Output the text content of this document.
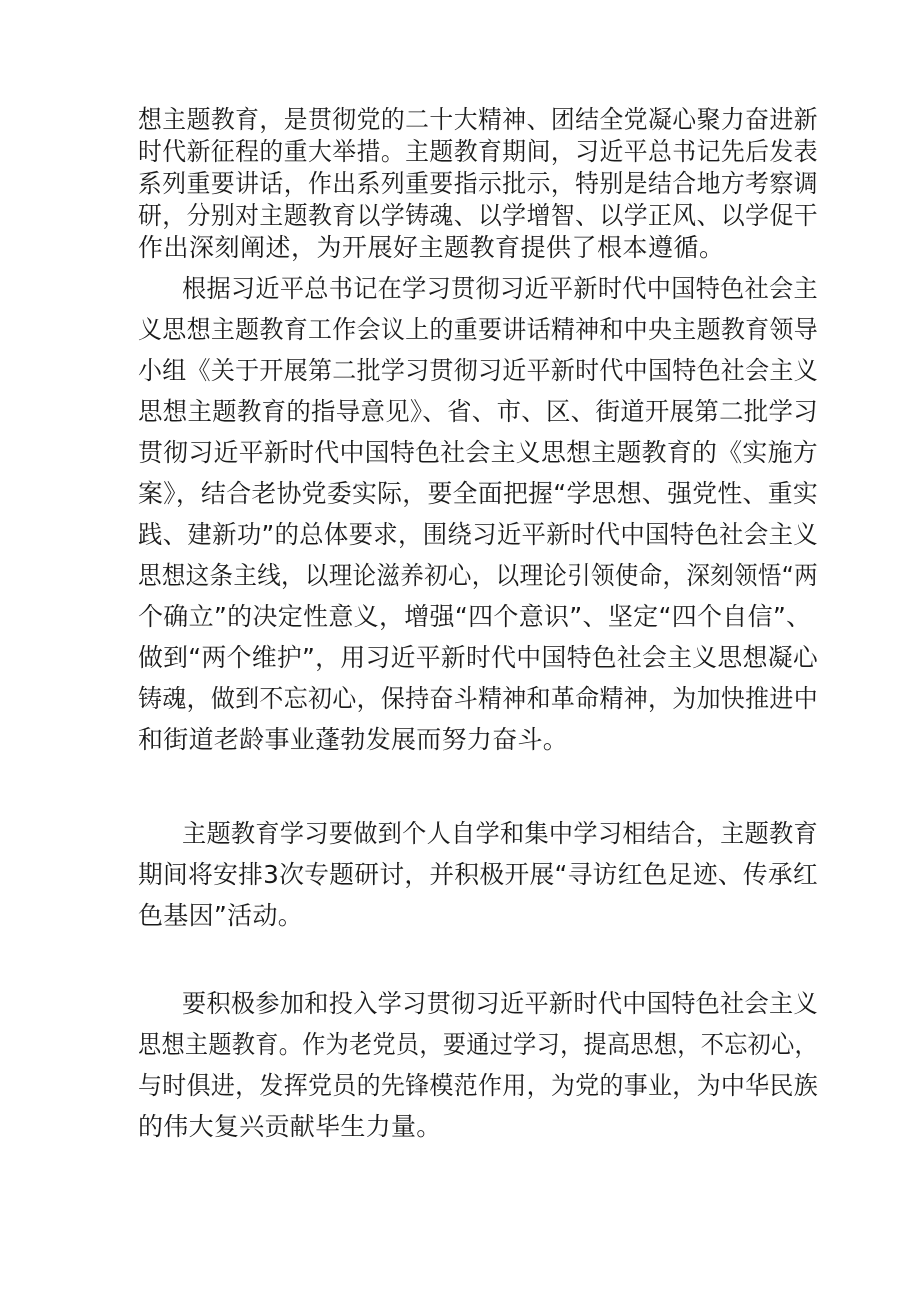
想主题教育，是贯彻党的二十大精神、团结全党凝心聚力奋进新
时代新征程的重大举措。主题教育期间，习近平总书记先后发表
系列重要讲话，作出系列重要指示批示，特别是结合地方考察调
研，分别对主题教育以学铸魂、以学增智、以学正风、以学促干
作出深刻阐述，为开展好主题教育提供了根本遵循。
根据习近平总书记在学习贯彻习近平新时代中国特色社会主
义思想主题教育工作会议上的重要讲话精神和中央主题教育领导
小组《关于开展第二批学习贯彻习近平新时代中国特色社会主义
思想主题教育的指导意见》、省、市、区、街道开展第二批学习
贯彻习近平新时代中国特色社会主义思想主题教育的《实施方
案》，结合老协党委实际，要全面把握“学思想、强党性、重实
践、建新功”的总体要求，围绕习近平新时代中国特色社会主义
思想这条主线，以理论滋养初心，以理论引领使命，深刻领悟“两
个确立”的决定性意义，增强“四个意识”、坚定“四个自信”、
做到“两个维护”，用习近平新时代中国特色社会主义思想凝心
铸魂，做到不忘初心，保持奋斗精神和革命精神，为加快推进中
和街道老龄事业蓬勃发展而努力奋斗。
主题教育学习要做到个人自学和集中学习相结合，主题教育
期间将安排3次专题研讨，并积极开展“寻访红色足迹、传承红
色基因”活动。
要积极参加和投入学习贯彻习近平新时代中国特色社会主义
思想主题教育。作为老党员，要通过学习，提高思想，不忘初心，
与时俱进，发挥党员的先锋模范作用，为党的事业，为中华民族
的伟大复兴贡献毕生力量。
